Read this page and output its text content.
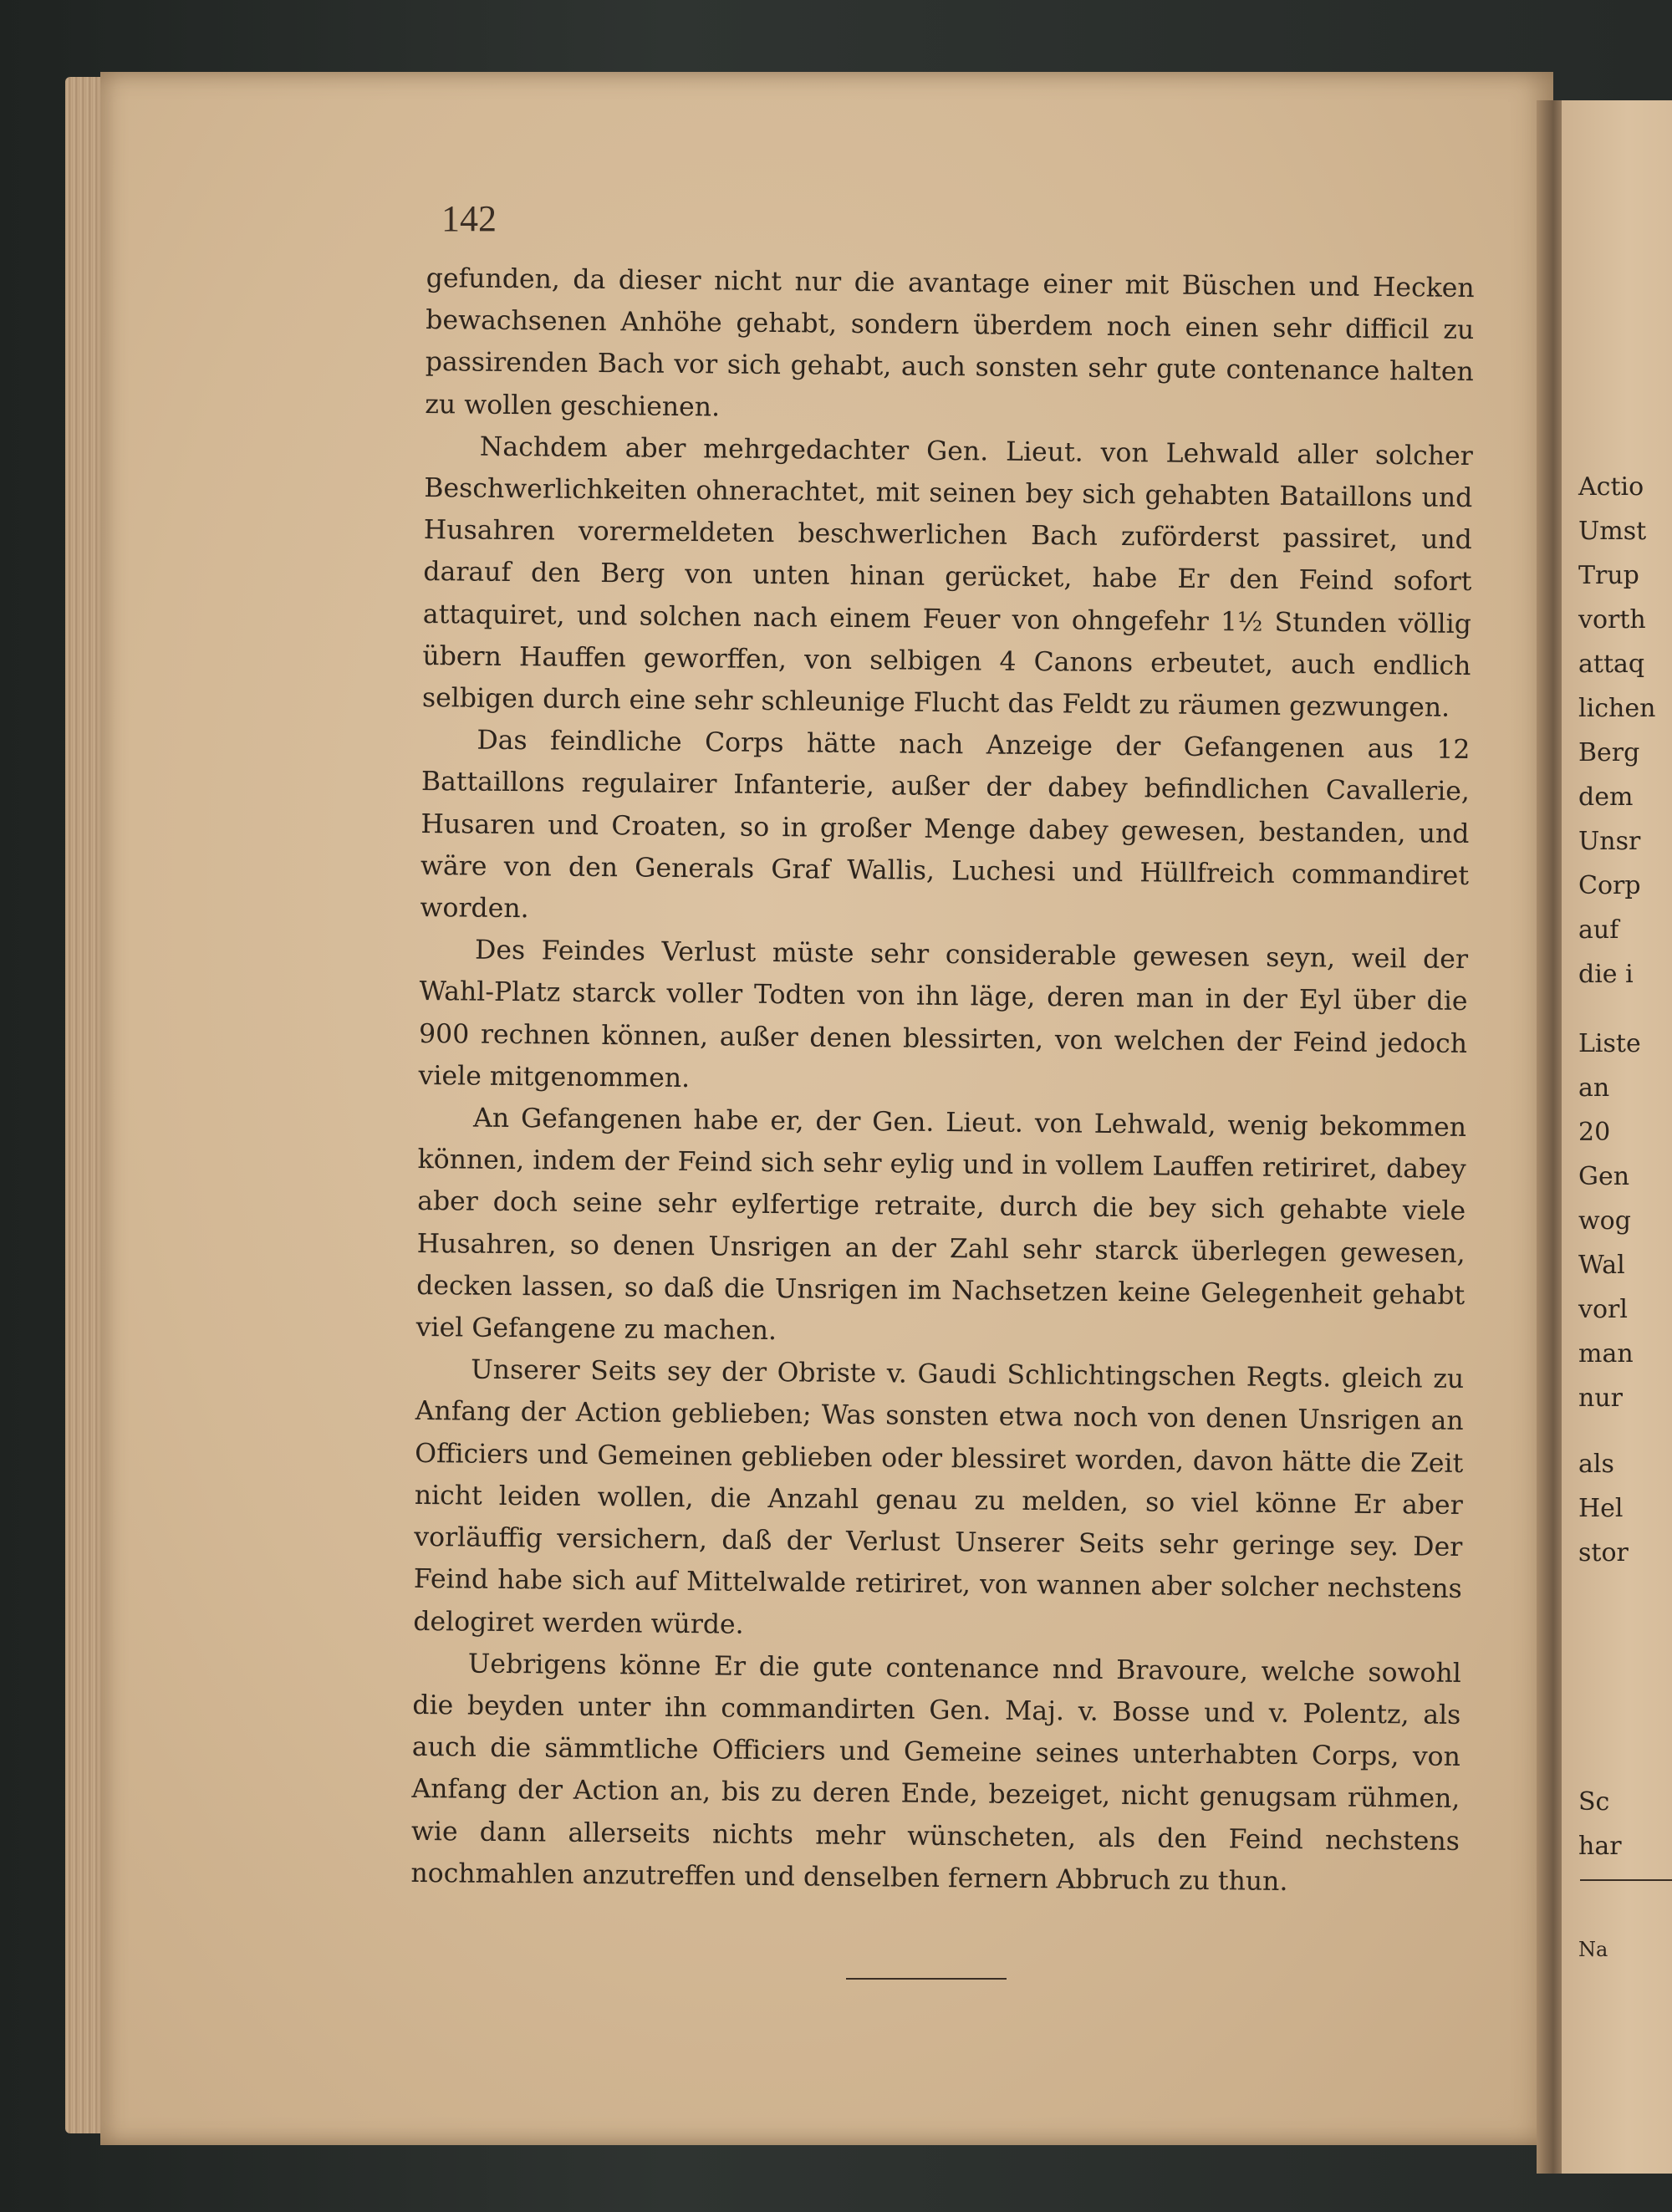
142

gefunden, da dieser nicht nur die avantage einer mit Büschen und Hecken bewachsenen Anhöhe gehabt, sondern überdem noch einen sehr difficil zu passirenden Bach vor sich gehabt, auch sonsten sehr gute contenance halten zu wollen geschienen.

Nachdem aber mehrgedachter Gen. Lieut. von Lehwald aller solcher Beschwerlichkeiten ohnerachtet, mit seinen bey sich gehabten Bataillons und Husahren vorermeldeten beschwerlichen Bach zuförderst passiret, und darauf den Berg von unten hinan gerücket, habe Er den Feind sofort attaquiret, und solchen nach einem Feuer von ohngefehr 1½ Stunden völlig übern Hauffen geworffen, von selbigen 4 Canons erbeutet, auch endlich selbigen durch eine sehr schleunige Flucht das Feldt zu räumen gezwungen.

Das feindliche Corps hätte nach Anzeige der Gefangenen aus 12 Battaillons regulairer Infanterie, außer der dabey befindlichen Cavallerie, Husaren und Croaten, so in großer Menge dabey gewesen, bestanden, und wäre von den Generals Graf Wallis, Luchesi und Hüllfreich commandiret worden.

Des Feindes Verlust müste sehr considerable gewesen seyn, weil der Wahl-Platz starck voller Todten von ihn läge, deren man in der Eyl über die 900 rechnen können, außer denen blessirten, von welchen der Feind jedoch viele mitgenommen.

An Gefangenen habe er, der Gen. Lieut. von Lehwald, wenig bekommen können, indem der Feind sich sehr eylig und in vollem Lauffen retiriret, dabey aber doch seine sehr eylfertige retraite, durch die bey sich gehabte viele Husahren, so denen Unsrigen an der Zahl sehr starck überlegen gewesen, decken lassen, so daß die Unsrigen im Nachsetzen keine Gelegenheit gehabt viel Gefangene zu machen.

Unserer Seits sey der Obriste v. Gaudi Schlichtingschen Regts. gleich zu Anfang der Action geblieben; Was sonsten etwa noch von denen Unsrigen an Officiers und Gemeinen geblieben oder blessiret worden, davon hätte die Zeit nicht leiden wollen, die Anzahl genau zu melden, so viel könne Er aber vorläuffig versichern, daß der Verlust Unserer Seits sehr geringe sey. Der Feind habe sich auf Mittelwalde retiriret, von wannen aber solcher nechstens delogiret werden würde.

Uebrigens könne Er die gute contenance nnd Bravoure, welche sowohl die beyden unter ihn commandirten Gen. Maj. v. Bosse und v. Polentz, als auch die sämmtliche Officiers und Gemeine seines unterhabten Corps, von Anfang der Action an, bis zu deren Ende, bezeiget, nicht genugsam rühmen, wie dann allerseits nichts mehr wünscheten, als den Feind nechstens nochmahlen anzutreffen und denselben fernern Abbruch zu thun.

Actio
Umst
Trup
vorth
attaq
lichen
Berg
dem
Unsr
Corp
auf
die i
Liste
an
20
Gen
wog
Wal
vorl
man
nur
als
Hel
stor
Sc
har
Na
